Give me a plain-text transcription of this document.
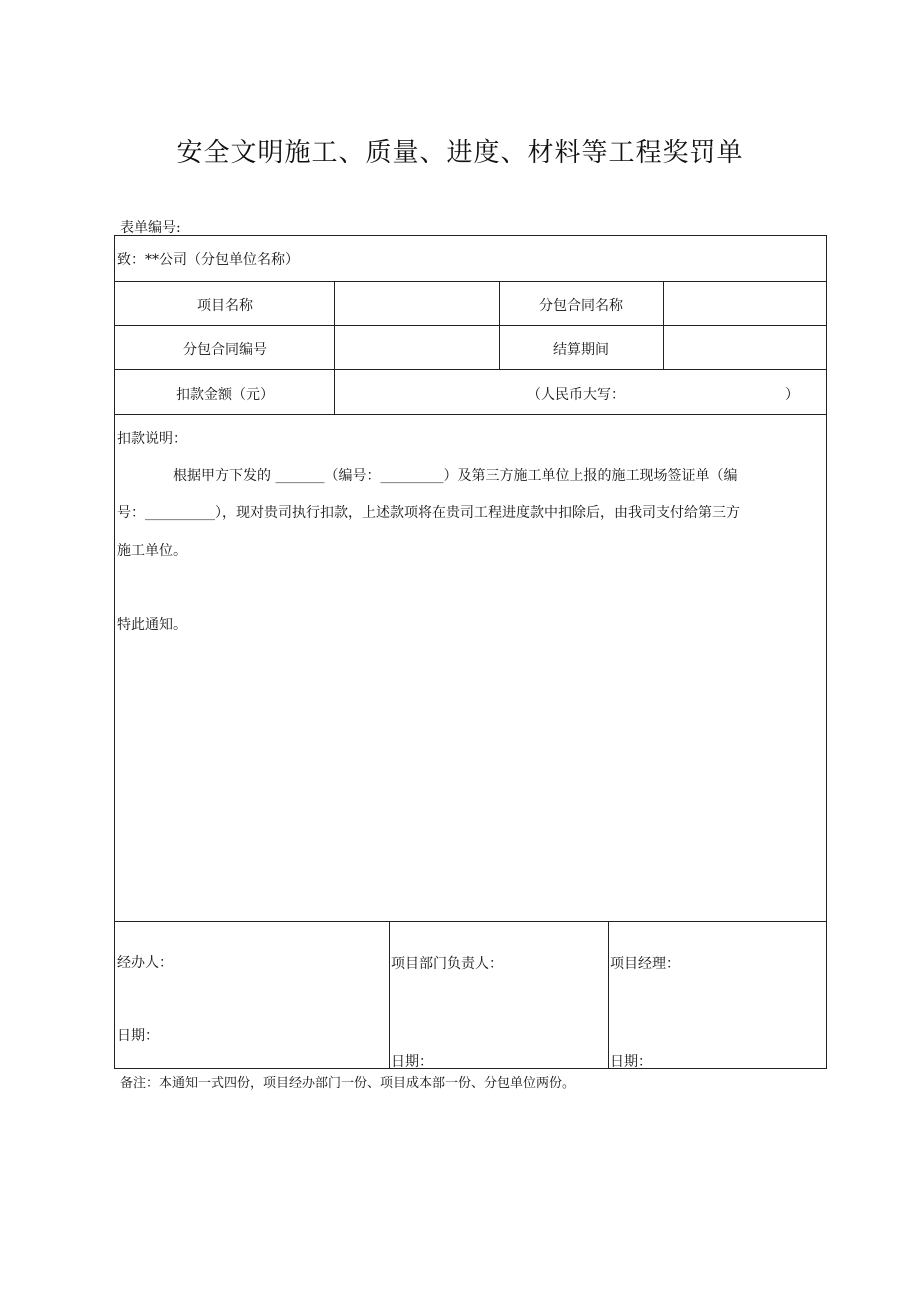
安全文明施工、质量、进度、材料等工程奖罚单
表单编号:
致：**公司（分包单位名称）
项目名称	分包合同名称
分包合同编号	结算期间
扣款金额（元）	（人民币大写：	）
扣款说明：
根据甲方下发的 _______（编号：_________）及第三方施工单位上报的施工现场签证单（编
号：__________），现对贵司执行扣款，上述款项将在贵司工程进度款中扣除后，由我司支付给第三方
施工单位。
特此通知。
经办人：
日期：
项目部门负责人：
日期：
项目经理：
日期：
备注：本通知一式四份，项目经办部门一份、项目成本部一份、分包单位两份。
